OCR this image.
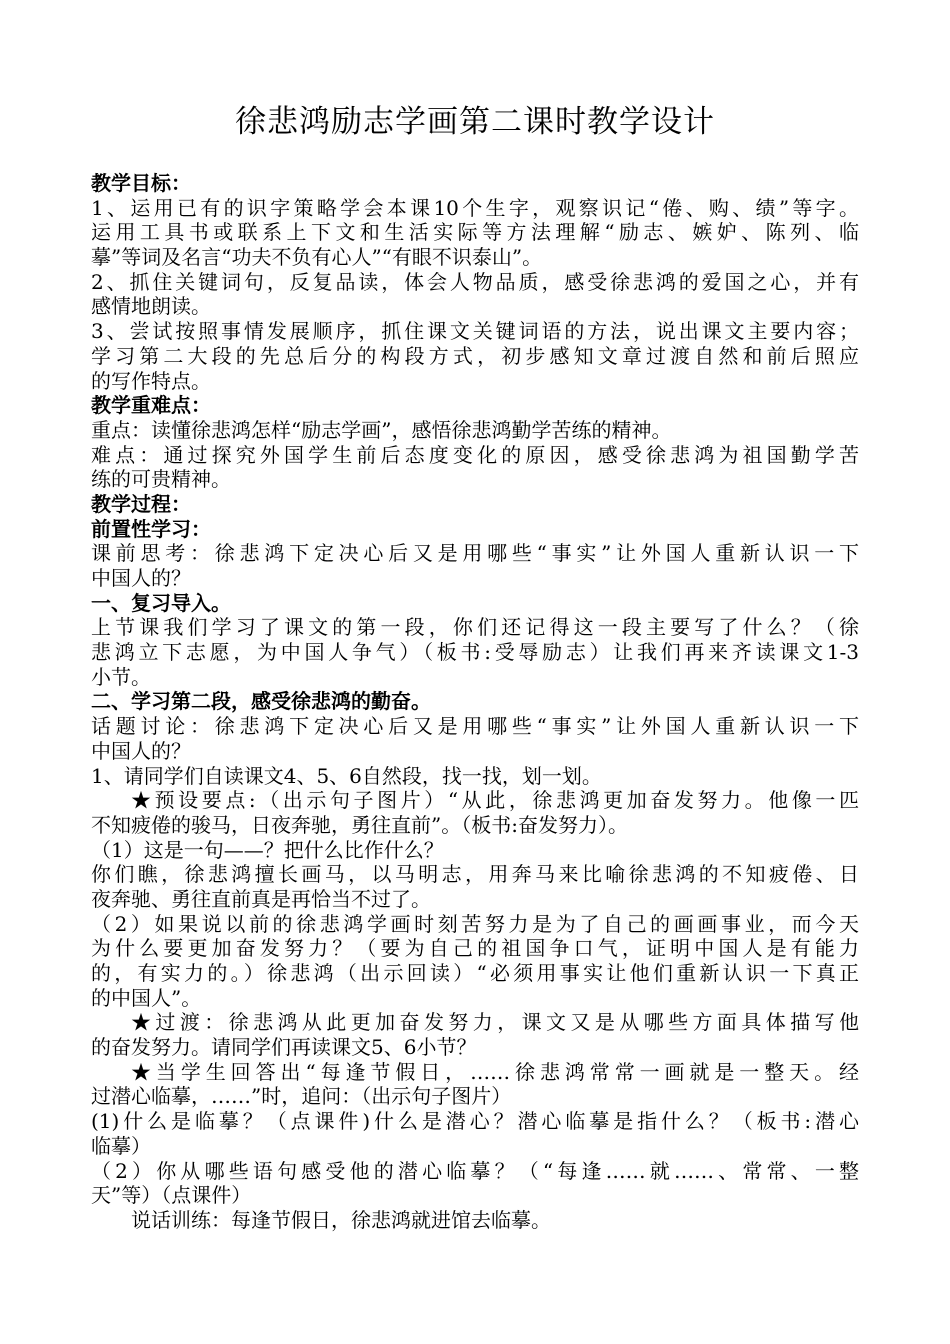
徐悲鸿励志学画第二课时教学设计

教学目标：

1、运用已有的识字策略学会本课10个生字，观察识记“倦、购、绩”等字。

运用工具书或联系上下文和生活实际等方法理解“励志、嫉妒、陈列、临

摹”等词及名言“功夫不负有心人”“有眼不识泰山”。

2、抓住关键词句，反复品读，体会人物品质，感受徐悲鸿的爱国之心，并有

感情地朗读。

3、尝试按照事情发展顺序，抓住课文关键词语的方法，说出课文主要内容；

学习第二大段的先总后分的构段方式，初步感知文章过渡自然和前后照应

的写作特点。

教学重难点：

重点：读懂徐悲鸿怎样“励志学画”，感悟徐悲鸿勤学苦练的精神。

难点：通过探究外国学生前后态度变化的原因，感受徐悲鸿为祖国勤学苦

练的可贵精神。

教学过程：

前置性学习：

课前思考：徐悲鸿下定决心后又是用哪些“事实”让外国人重新认识一下

中国人的？

一、复习导入。

上节课我们学习了课文的第一段，你们还记得这一段主要写了什么？（徐

悲鸿立下志愿，为中国人争气）（板书:受辱励志）让我们再来齐读课文1-3

小节。

二、学习第二段，感受徐悲鸿的勤奋。

话题讨论：徐悲鸿下定决心后又是用哪些“事实”让外国人重新认识一下

中国人的？

1、请同学们自读课文4、5、6自然段，找一找，划一划。

★预设要点:（出示句子图片）“从此，徐悲鸿更加奋发努力。他像一匹

不知疲倦的骏马，日夜奔驰，勇往直前”。（板书:奋发努力）。

（1）这是一句——？把什么比作什么？

你们瞧，徐悲鸿擅长画马，以马明志，用奔马来比喻徐悲鸿的不知疲倦、日

夜奔驰、勇往直前真是再恰当不过了。

（2）如果说以前的徐悲鸿学画时刻苦努力是为了自己的画画事业，而今天

为什么要更加奋发努力？（要为自己的祖国争口气，证明中国人是有能力

的，有实力的。）徐悲鸿（出示回读）“必须用事实让他们重新认识一下真正

的中国人”。

★过渡：徐悲鸿从此更加奋发努力，课文又是从哪些方面具体描写他

的奋发努力。请同学们再读课文5、6小节？

★当学生回答出“每逢节假日，……徐悲鸿常常一画就是一整天。经

过潜心临摹，……”时，追问：（出示句子图片）

(1)什么是临摹？（点课件)什么是潜心？潜心临摹是指什么？（板书:潜心

临摹）

（2）你从哪些语句感受他的潜心临摹？（“每逢……就……、常常、一整

天”等）（点课件）

说话训练：每逢节假日，徐悲鸿就进馆去临摹。
